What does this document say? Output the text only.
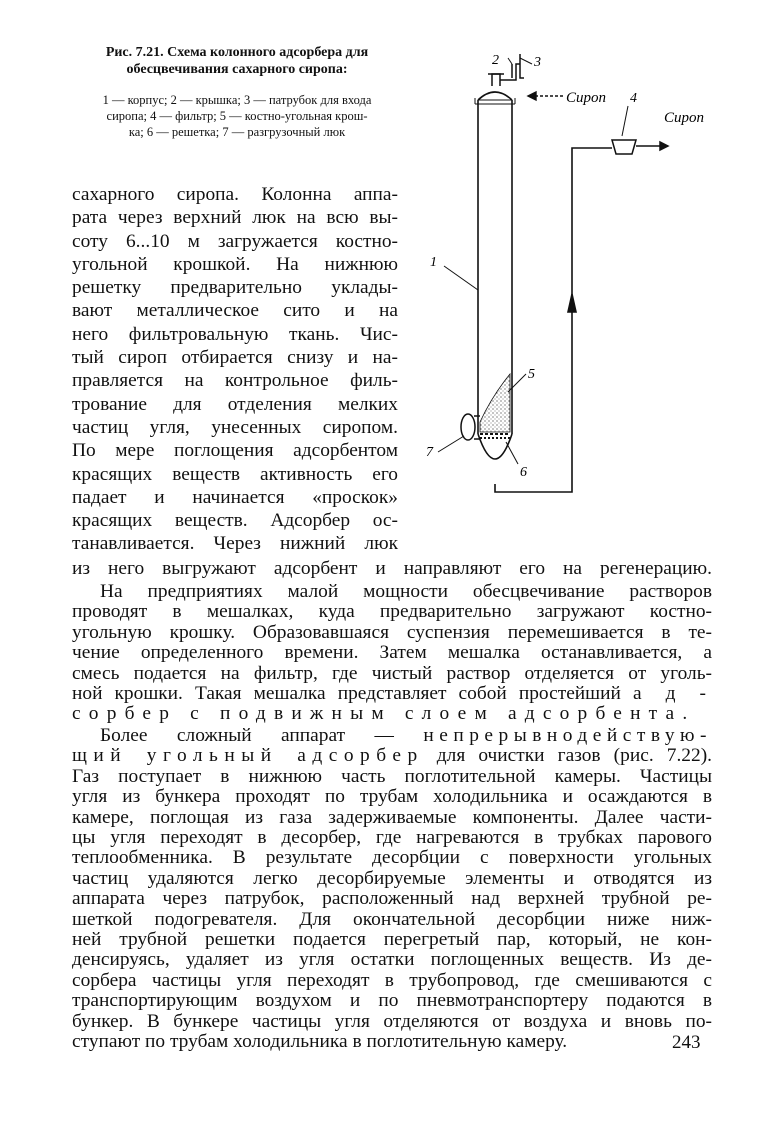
Рис. 7.21. Схема колонного адсорбера для обесцвечивания сахарного сиропа:
1 — корпус; 2 — крышка; 3 — патрубок для входа
сиропа; 4 — фильтр; 5 — костно-угольная крош-
ка; 6 — решетка; 7 — разгрузочный люк
1
2	3
4
5
6
7
Сироп
Сироп
сахарного сиропа. Колонна аппа-
рата через верхний люк на всю вы-
соту 6...10 м загружается костно-
угольной крошкой. На нижнюю
решетку предварительно уклады-
вают металлическое сито и на
него фильтровальную ткань. Чис-
тый сироп отбирается снизу и на-
правляется на контрольное филь-
трование для отделения мелких
частиц угля, унесенных сиропом.
По мере поглощения адсорбентом
красящих веществ активность его
падает и начинается «проскок»
красящих веществ. Адсорбер ос-
танавливается. Через нижний люк
из него выгружают адсорбент и направляют его на регенерацию.
На предприятиях малой мощности обесцвечивание растворов
проводят в мешалках, куда предварительно загружают костно-
угольную крошку. Образовавшаяся суспензия перемешивается в те-
чение определенного времени. Затем мешалка останавливается, а
смесь подается на фильтр, где чистый раствор отделяется от уголь-
ной крошки. Такая мешалка представляет собой простейший а д -
сорбер с подвижным слоем адсорбента.
Более сложный аппарат — непрерывнодействую-
щий угольный адсорбер для очистки газов (рис. 7.22).
Газ поступает в нижнюю часть поглотительной камеры. Частицы
угля из бункера проходят по трубам холодильника и осаждаются в
камере, поглощая из газа задерживаемые компоненты. Далее части-
цы угля переходят в десорбер, где нагреваются в трубках парового
теплообменника. В результате десорбции с поверхности угольных
частиц удаляются легко десорбируемые элементы и отводятся из
аппарата через патрубок, расположенный над верхней трубной ре-
шеткой подогревателя. Для окончательной десорбции ниже ниж-
ней трубной решетки подается перегретый пар, который, не кон-
денсируясь, удаляет из угля остатки поглощенных веществ. Из де-
сорбера частицы угля переходят в трубопровод, где смешиваются с
транспортирующим воздухом и по пневмотранспортеру подаются в
бункер. В бункере частицы угля отделяются от воздуха и вновь по-
ступают по трубам холодильника в поглотительную камеру.	243
